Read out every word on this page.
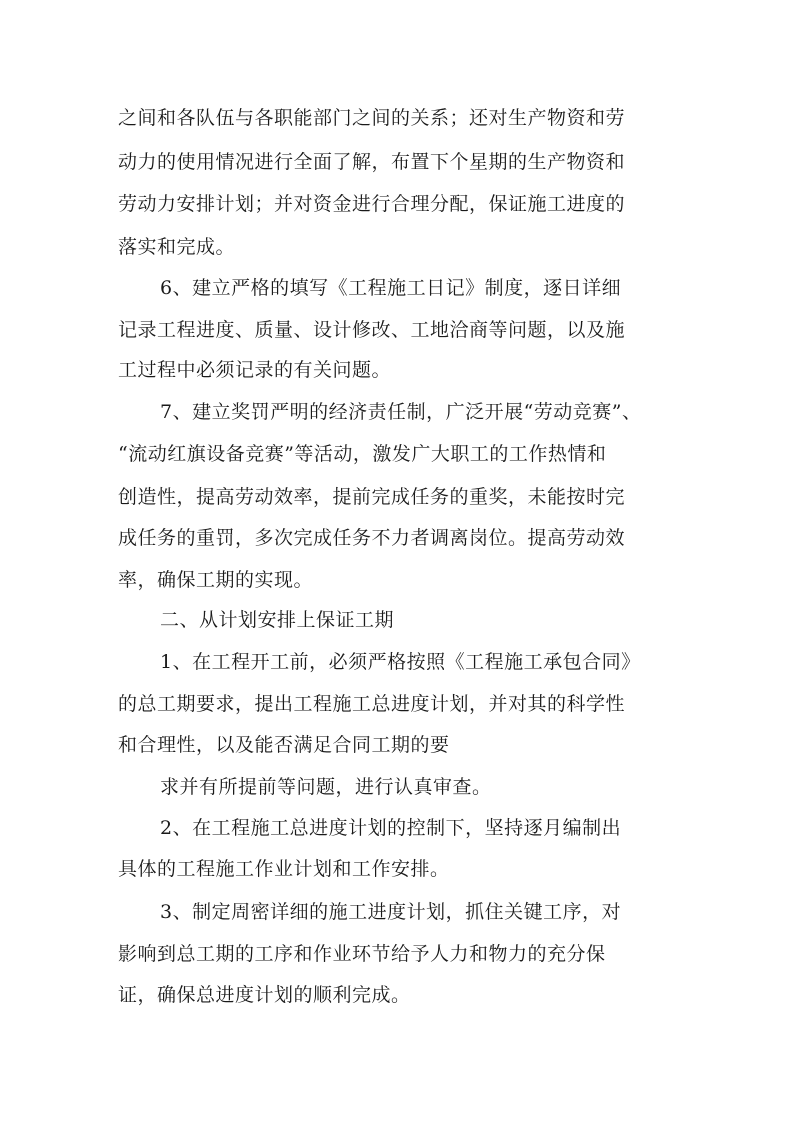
之间和各队伍与各职能部门之间的关系；还对生产物资和劳
动力的使用情况进行全面了解，布置下个星期的生产物资和
劳动力安排计划；并对资金进行合理分配，保证施工进度的
落实和完成。
6、建立严格的填写《工程施工日记》制度，逐日详细
记录工程进度、质量、设计修改、工地洽商等问题，以及施
工过程中必须记录的有关问题。
7、建立奖罚严明的经济责任制，广泛开展“劳动竞赛”、
“流动红旗设备竞赛”等活动，激发广大职工的工作热情和
创造性，提高劳动效率，提前完成任务的重奖，未能按时完
成任务的重罚，多次完成任务不力者调离岗位。提高劳动效
率，确保工期的实现。
二、从计划安排上保证工期
1、在工程开工前，必须严格按照《工程施工承包合同》
的总工期要求，提出工程施工总进度计划，并对其的科学性
和合理性，以及能否满足合同工期的要
求并有所提前等问题，进行认真审查。
2、在工程施工总进度计划的控制下，坚持逐月编制出
具体的工程施工作业计划和工作安排。
3、制定周密详细的施工进度计划，抓住关键工序，对
影响到总工期的工序和作业环节给予人力和物力的充分保
证，确保总进度计划的顺利完成。
